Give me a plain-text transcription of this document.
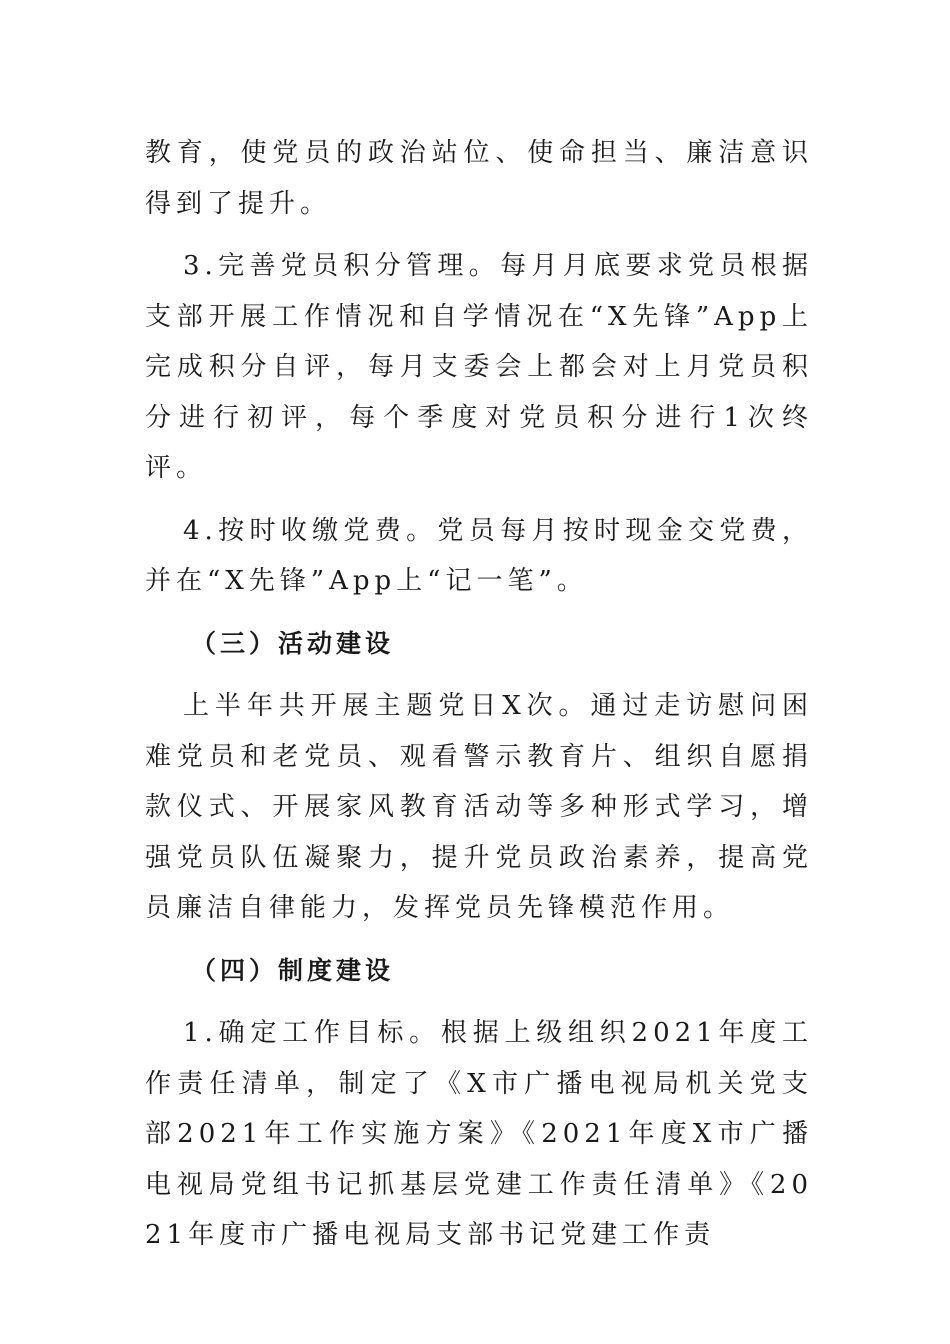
教育，使党员的政治站位、使命担当、廉洁意识得到了提升。

3.完善党员积分管理。每月月底要求党员根据支部开展工作情况和自学情况在“X先锋”App上完成积分自评，每月支委会上都会对上月党员积分进行初评，每个季度对党员积分进行1次终评。

4.按时收缴党费。党员每月按时现金交党费，并在“X先锋”App上“记一笔”。

（三）活动建设

上半年共开展主题党日X次。通过走访慰问困难党员和老党员、观看警示教育片、组织自愿捐款仪式、开展家风教育活动等多种形式学习，增强党员队伍凝聚力，提升党员政治素养，提高党员廉洁自律能力，发挥党员先锋模范作用。

（四）制度建设

1.确定工作目标。根据上级组织2021年度工作责任清单，制定了《X市广播电视局机关党支部2021年工作实施方案》《2021年度X市广播电视局党组书记抓基层党建工作责任清单》《2021年度市广播电视局支部书记党建工作责
